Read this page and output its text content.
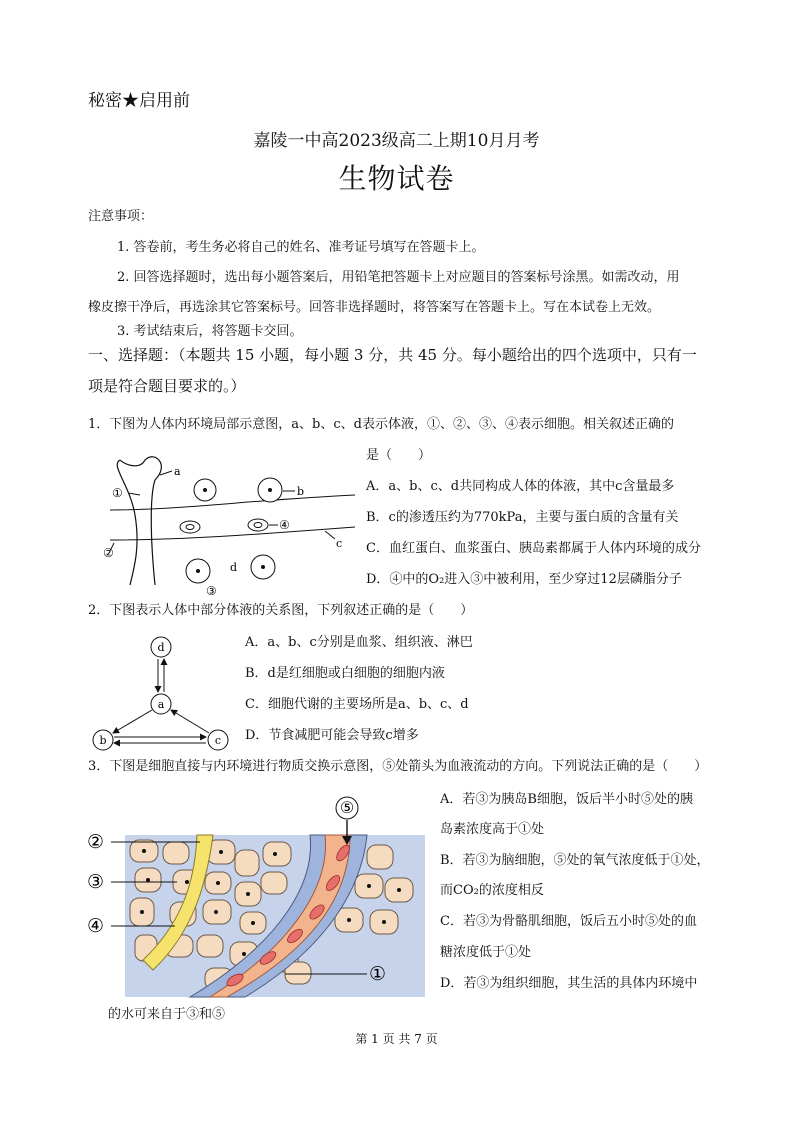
秘密★启用前
嘉陵一中高2023级高二上期10月月考
生物试卷
注意事项：
1. 答卷前，考生务必将自己的姓名、准考证号填写在答题卡上。
2. 回答选择题时，选出每小题答案后，用铅笔把答题卡上对应题目的答案标号涂黑。如需改动，用
橡皮擦干净后，再选涂其它答案标号。回答非选择题时，将答案写在答题卡上。写在本试卷上无效。
3. 考试结束后，将答题卡交回。
一、选择题：（本题共 15 小题，每小题 3 分，共 45 分。每小题给出的四个选项中，只有一
项是符合题目要求的。）
1．下图为人体内环境局部示意图，a、b、c、d表示体液，①、②、③、④表示细胞。相关叙述正确的
是（　　）
A．a、b、c、d共同构成人体的体液，其中c含量最多
B．c的渗透压约为770kPa，主要与蛋白质的含量有关
C．血红蛋白、血浆蛋白、胰岛素都属于人体内环境的成分
D．④中的O₂进入③中被利用，至少穿过12层磷脂分子
a
①	b
④
c
②
③
d
2．下图表示人体中部分体液的关系图，下列叙述正确的是（　　）
A．a、b、c分别是血浆、组织液、淋巴
B．d是红细胞或白细胞的细胞内液
C．细胞代谢的主要场所是a、b、c、d
D．节食减肥可能会导致c增多
d
a
b	c
3．下图是细胞直接与内环境进行物质交换示意图，⑤处箭头为血液流动的方向。下列说法正确的是（　　）
A．若③为胰岛B细胞，饭后半小时⑤处的胰
岛素浓度高于①处
B．若③为脑细胞，⑤处的氧气浓度低于①处，
而CO₂的浓度相反
C．若③为骨骼肌细胞，饭后五小时⑤处的血
糖浓度低于①处
D．若③为组织细胞，其生活的具体内环境中
的水可来自于③和⑤
⑤
②
③
④
①
第 1 页 共 7 页
